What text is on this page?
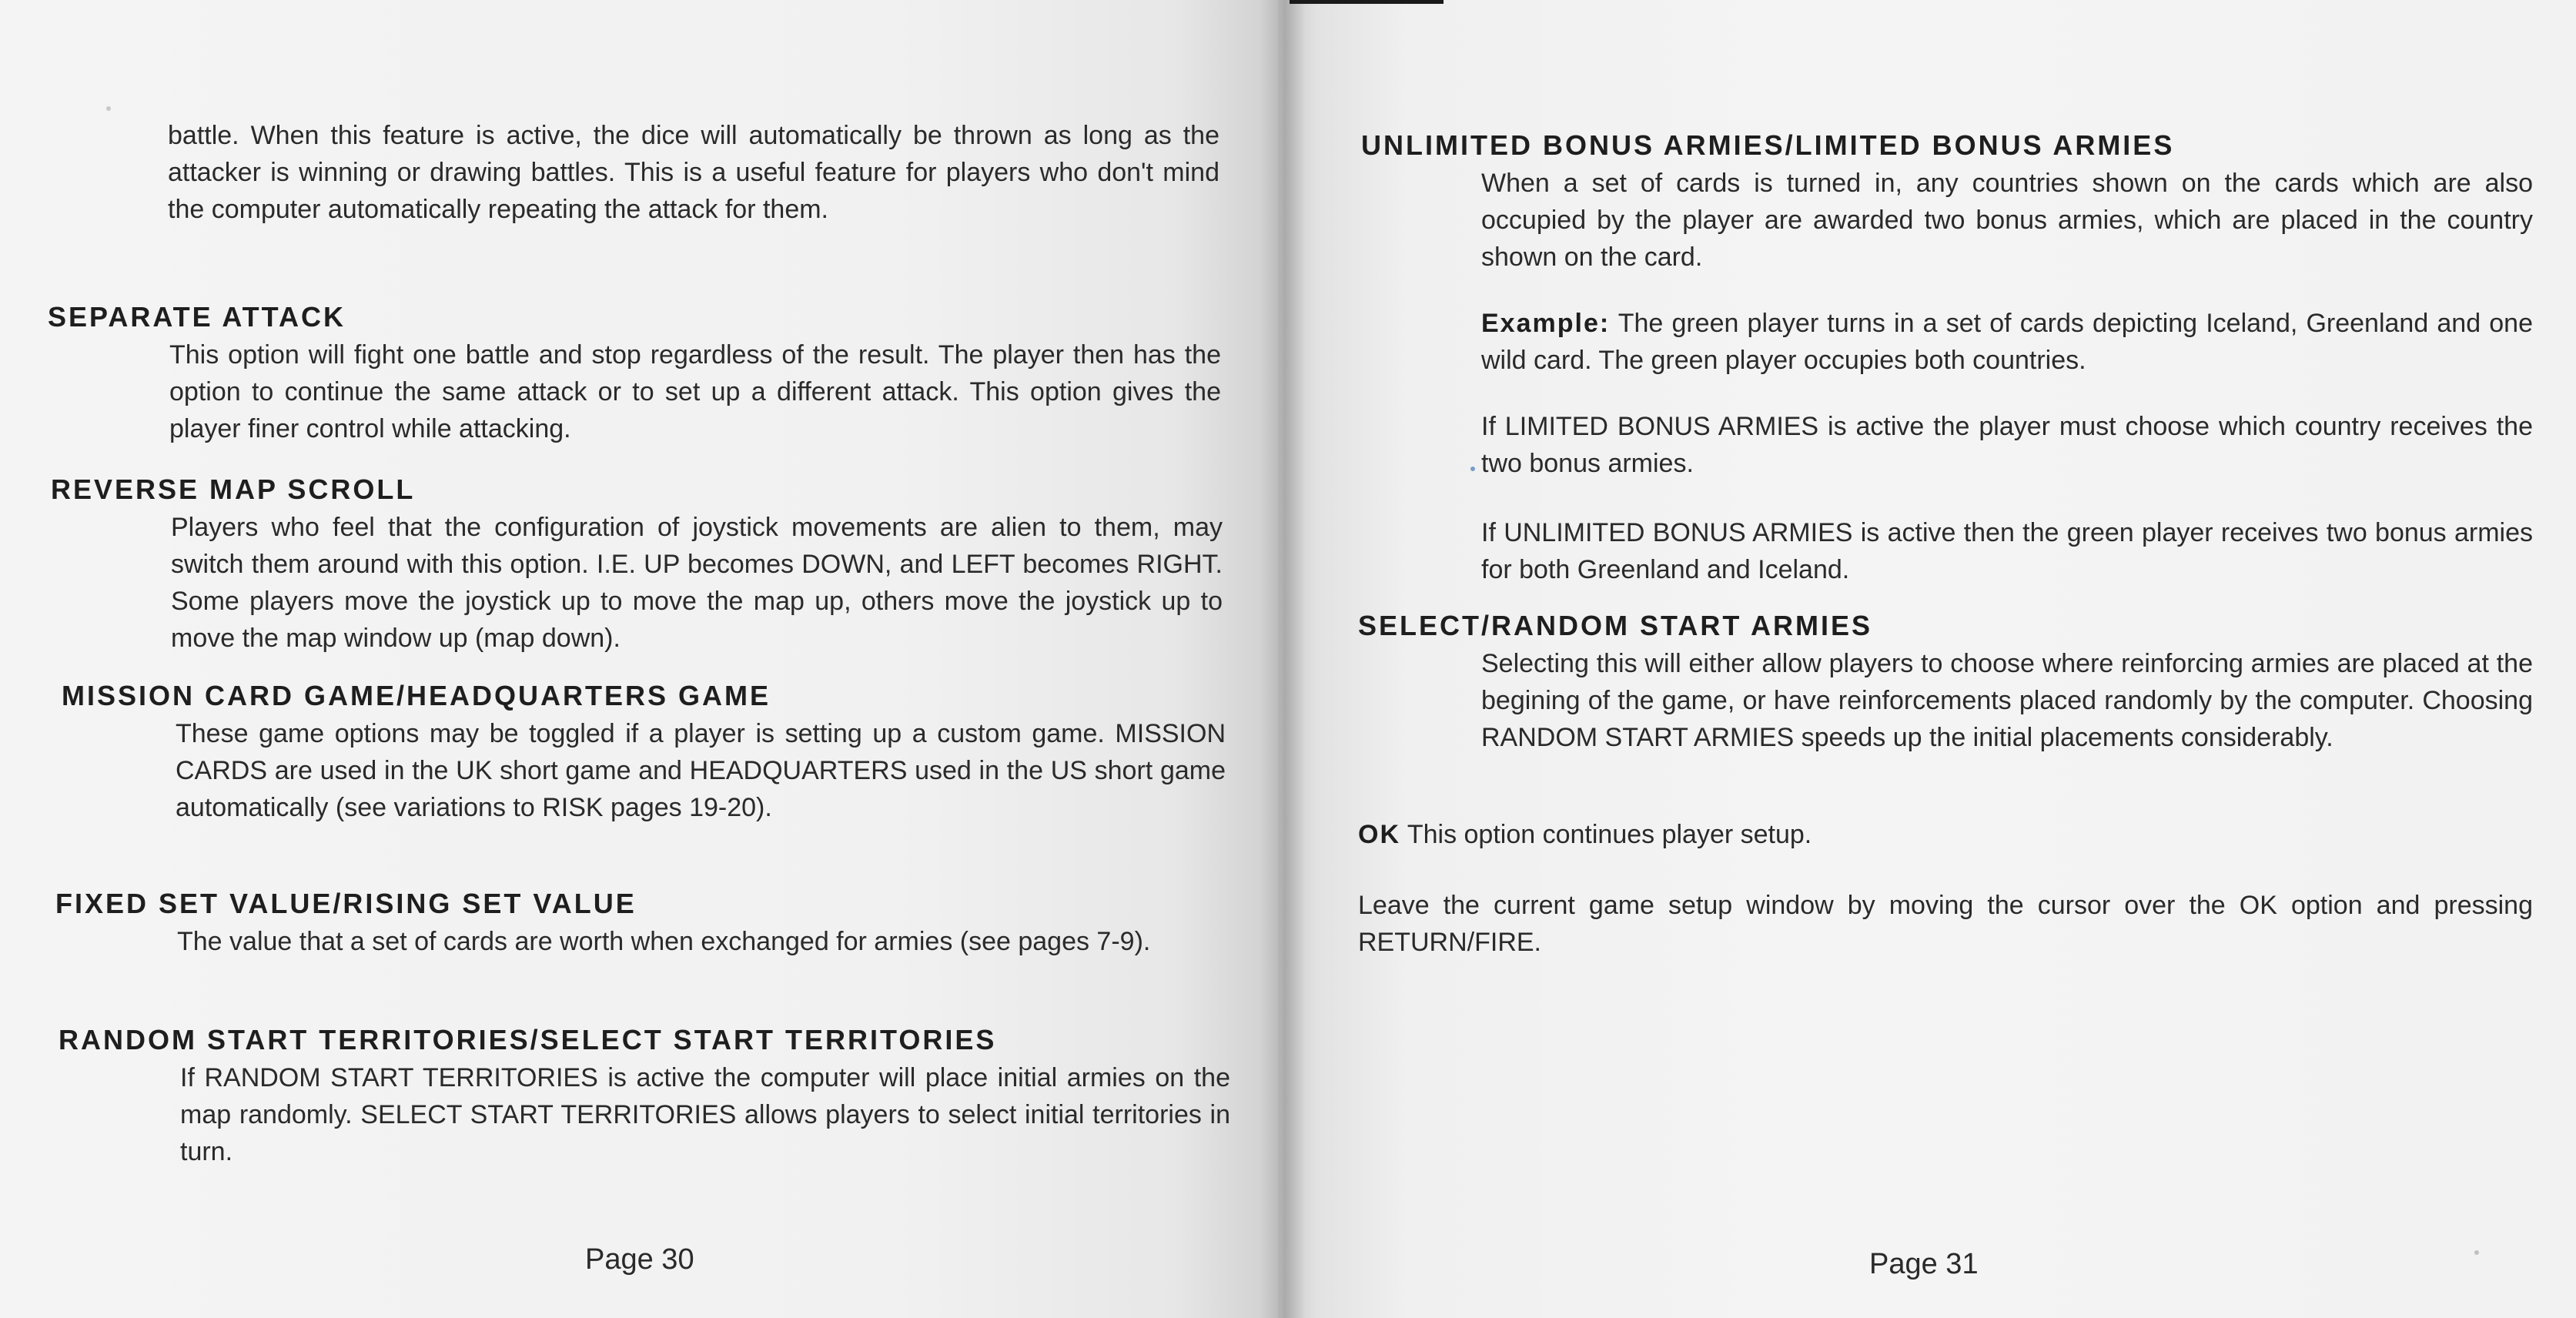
battle. When this feature is active, the dice will automatically be thrown as long as the attacker is winning or drawing battles. This is a useful feature for players who don't mind the computer automatically repeating the attack for them.

SEPARATE ATTACK

This option will fight one battle and stop regardless of the result. The player then has the option to continue the same attack or to set up a different attack. This option gives the player finer control while attacking.

REVERSE MAP SCROLL

Players who feel that the configuration of joystick movements are alien to them, may switch them around with this option. I.E. UP becomes DOWN, and LEFT becomes RIGHT. Some players move the joystick up to move the map up, others move the joystick up to move the map window up (map down).

MISSION CARD GAME/HEADQUARTERS GAME

These game options may be toggled if a player is setting up a custom game. MISSION CARDS are used in the UK short game and HEADQUARTERS used in the US short game automatically (see variations to RISK pages 19-20).

FIXED SET VALUE/RISING SET VALUE

The value that a set of cards are worth when exchanged for armies (see pages 7-9).

RANDOM START TERRITORIES/SELECT START TERRITORIES

If RANDOM START TERRITORIES is active the computer will place initial armies on the map randomly. SELECT START TERRITORIES allows players to select initial territories in turn.

Page 30
UNLIMITED BONUS ARMIES/LIMITED BONUS ARMIES

When a set of cards is turned in, any countries shown on the cards which are also occupied by the player are awarded two bonus armies, which are placed in the country shown on the card.

Example: The green player turns in a set of cards depicting Iceland, Greenland and one wild card. The green player occupies both countries.

If LIMITED BONUS ARMIES is active the player must choose which country receives the two bonus armies.

If UNLIMITED BONUS ARMIES is active then the green player receives two bonus armies for both Greenland and Iceland.

SELECT/RANDOM START ARMIES

Selecting this will either allow players to choose where reinforcing armies are placed at the begining of the game, or have reinforcements placed randomly by the computer. Choosing RANDOM START ARMIES speeds up the initial placements considerably.

OK This option continues player setup.

Leave the current game setup window by moving the cursor over the OK option and pressing RETURN/FIRE.

Page 31
